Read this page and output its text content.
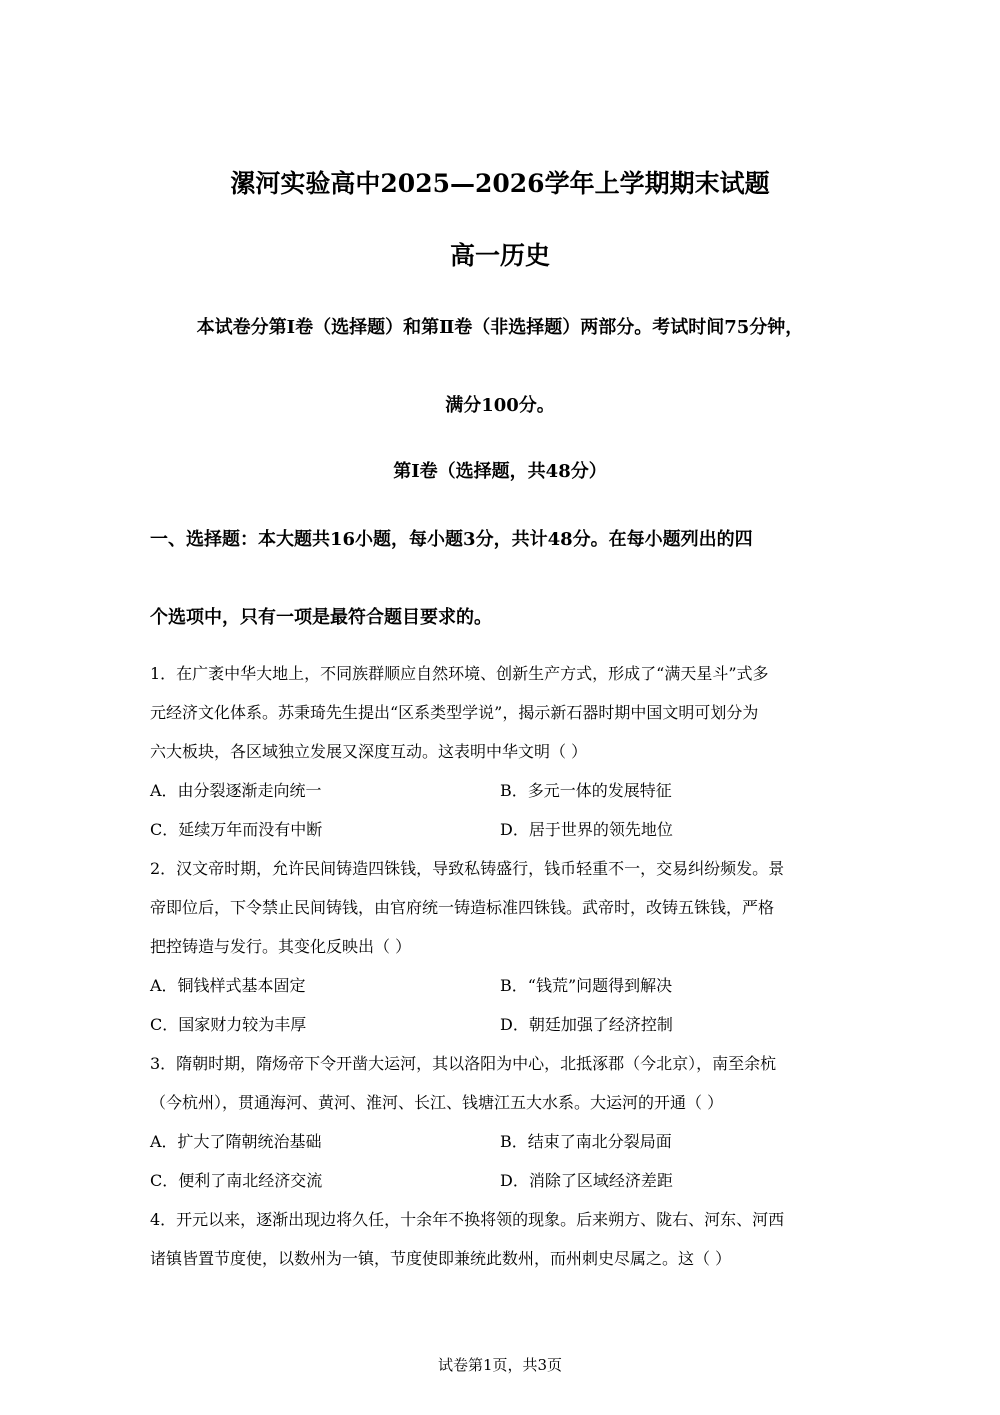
漯河实验高中2025—2026学年上学期期末试题
高一历史
本试卷分第Ⅰ卷（选择题）和第Ⅱ卷（非选择题）两部分。考试时间75分钟，
满分100分。
第Ⅰ卷（选择题，共48分）
一、选择题：本大题共16小题，每小题3分，共计48分。在每小题列出的四
个选项中，只有一项是最符合题目要求的。
1．在广袤中华大地上，不同族群顺应自然环境、创新生产方式，形成了“满天星斗”式多
元经济文化体系。苏秉琦先生提出“区系类型学说”，揭示新石器时期中国文明可划分为
六大板块，各区域独立发展又深度互动。这表明中华文明（ ）
A．由分裂逐渐走向统一	B．多元一体的发展特征
C．延续万年而没有中断	D．居于世界的领先地位
2．汉文帝时期，允许民间铸造四铢钱，导致私铸盛行，钱币轻重不一，交易纠纷频发。景
帝即位后，下令禁止民间铸钱，由官府统一铸造标准四铢钱。武帝时，改铸五铢钱，严格
把控铸造与发行。其变化反映出（ ）
A．铜钱样式基本固定	B．“钱荒”问题得到解决
C．国家财力较为丰厚	D．朝廷加强了经济控制
3．隋朝时期，隋炀帝下令开凿大运河，其以洛阳为中心，北抵涿郡（今北京），南至余杭
（今杭州），贯通海河、黄河、淮河、长江、钱塘江五大水系。大运河的开通（ ）
A．扩大了隋朝统治基础	B．结束了南北分裂局面
C．便利了南北经济交流	D．消除了区域经济差距
4．开元以来，逐渐出现边将久任，十余年不换将领的现象。后来朔方、陇右、河东、河西
诸镇皆置节度使，以数州为一镇，节度使即兼统此数州，而州刺史尽属之。这（ ）
试卷第1页，共3页
